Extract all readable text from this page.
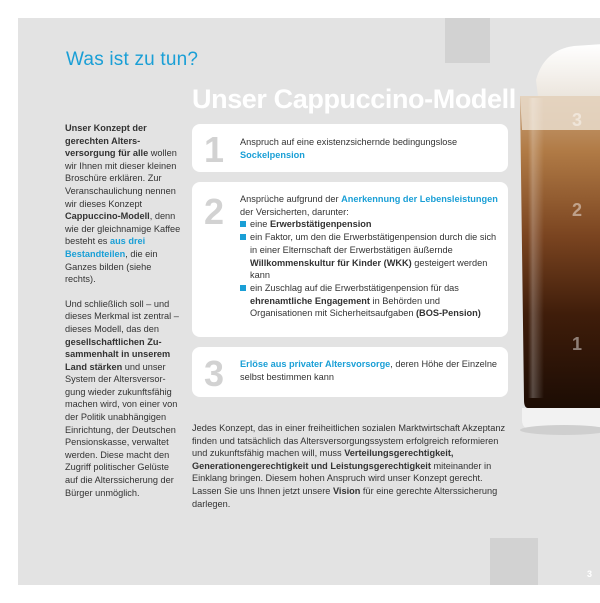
Was ist zu tun?
Unser Cappuccino-Modell

Unser Konzept der gerechten Altersversorgung für alle wollen wir Ihnen mit dieser kleinen Broschüre erklären. Zur Veranschaulichung nennen wir dieses Konzept Cappuccino-Modell, denn wie der gleichnamige Kaffee besteht es aus drei Bestandteilen, die ein Ganzes bilden (siehe rechts).

Und schließlich soll – und dieses Merkmal ist zentral – dieses Modell, das den gesellschaftlichen Zusammenhalt in unserem Land stärken und unser System der Altersversorgung wieder zukunftsfähig machen wird, von einer von der Politik unabhängigen Einrichtung, der Deutschen Pensionskasse, verwaltet werden. Diese macht den Zugriff politischer Gelüste auf die Alterssicherung der Bürger unmöglich.

1 Anspruch auf eine existenzsichernde bedingungslose Sockelpension
2 Ansprüche aufgrund der Anerkennung der Lebensleistungen der Versicherten, darunter:
eine Erwerbstätigenpension
ein Faktor, um den die Erwerbstätigenpension durch die sich in einer Elternschaft der Erwerbstätigen äußernde Willkommenskultur für Kinder (WKK) gesteigert werden kann
ein Zuschlag auf die Erwerbstätigenpension für das ehrenamtliche Engagement in Behörden und Organisationen mit Sicherheitsaufgaben (BOS-Pension)
3 Erlöse aus privater Altersvorsorge, deren Höhe der Einzelne selbst bestimmen kann
Jedes Konzept, das in einer freiheitlichen sozialen Marktwirtschaft Akzeptanz finden und tatsächlich das Altersversorgungssystem erfolgreich reformieren und zukunftsfähig machen will, muss Verteilungsgerechtigkeit, Generationengerechtigkeit und Leistungsgerechtigkeit miteinander in Einklang bringen. Diesem hohen Anspruch wird unser Konzept gerecht. Lassen Sie uns Ihnen jetzt unsere Vision für eine gerechte Alterssicherung darlegen.
3
2
1
3
